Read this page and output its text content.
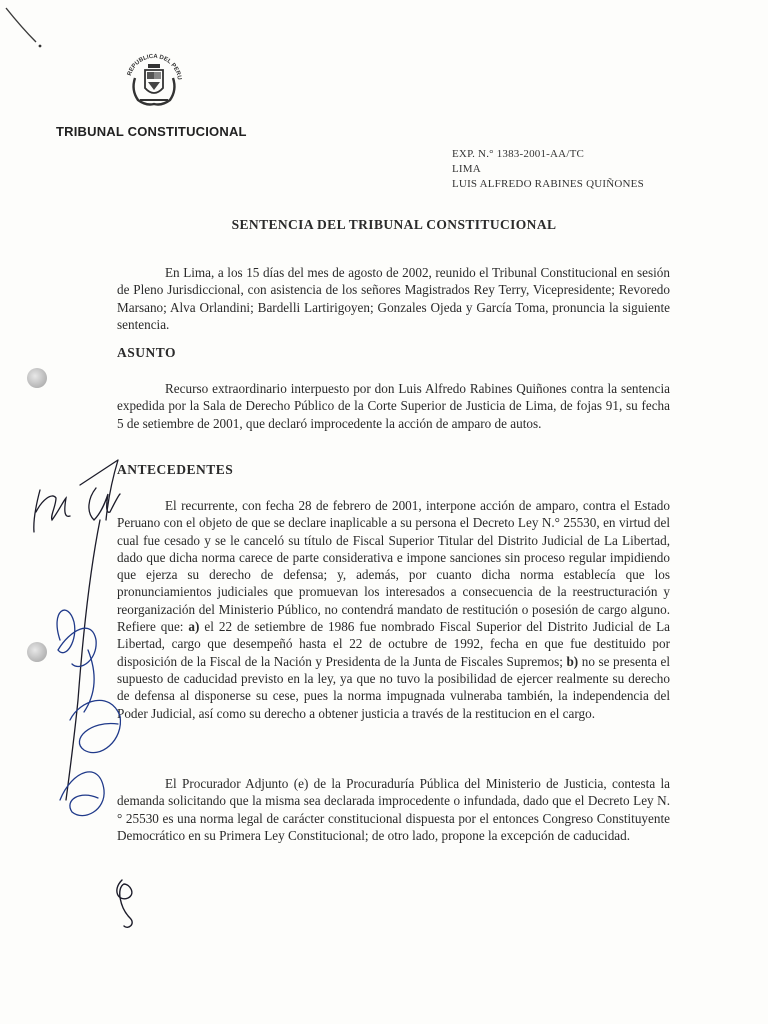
REPUBLICA DEL PERU
TRIBUNAL CONSTITUCIONAL
EXP. N.° 1383-2001-AA/TC
LIMA
LUIS ALFREDO RABINES QUIÑONES
SENTENCIA DEL TRIBUNAL CONSTITUCIONAL

En Lima, a los 15 días del mes de agosto de 2002, reunido el Tribunal Constitucional en sesión de Pleno Jurisdiccional, con asistencia de los señores Magistrados Rey Terry, Vicepresidente; Revoredo Marsano; Alva Orlandini; Bardelli Lartirigoyen; Gonzales Ojeda y García Toma, pronuncia la siguiente sentencia.

ASUNTO

Recurso extraordinario interpuesto por don Luis Alfredo Rabines Quiñones contra la sentencia expedida por la Sala de Derecho Público de la Corte Superior de Justicia de Lima, de fojas 91, su fecha 5 de setiembre de 2001, que declaró improcedente la acción de amparo de autos.

ANTECEDENTES

El recurrente, con fecha 28 de febrero de 2001, interpone acción de amparo, contra el Estado Peruano con el objeto de que se declare inaplicable a su persona el Decreto Ley N.° 25530, en virtud del cual fue cesado y se le canceló su título de Fiscal Superior Titular del Distrito Judicial de La Libertad, dado que dicha norma carece de parte considerativa e impone sanciones sin proceso regular impidiendo que ejerza su derecho de defensa; y, además, por cuanto dicha norma establecía que los pronunciamientos judiciales que promuevan los interesados a consecuencia de la reestructuración y reorganización del Ministerio Público, no contendrá mandato de restitución o posesión de cargo alguno. Refiere que: a) el 22 de setiembre de 1986 fue nombrado Fiscal Superior del Distrito Judicial de La Libertad, cargo que desempeñó hasta el 22 de octubre de 1992, fecha en que fue destituido por disposición de la Fiscal de la Nación y Presidenta de la Junta de Fiscales Supremos; b) no se presenta el supuesto de caducidad previsto en la ley, ya que no tuvo la posibilidad de ejercer realmente su derecho de defensa al disponerse su cese, pues la norma impugnada vulneraba también, la independencia del Poder Judicial, así como su derecho a obtener justicia a través de la restitucion en el cargo.

El Procurador Adjunto (e) de la Procuraduría Pública del Ministerio de Justicia, contesta la demanda solicitando que la misma sea declarada improcedente o infundada, dado que el Decreto Ley N.° 25530 es una norma legal de carácter constitucional dispuesta por el entonces Congreso Constituyente Democrático en su Primera Ley Constitucional; de otro lado, propone la excepción de caducidad.
